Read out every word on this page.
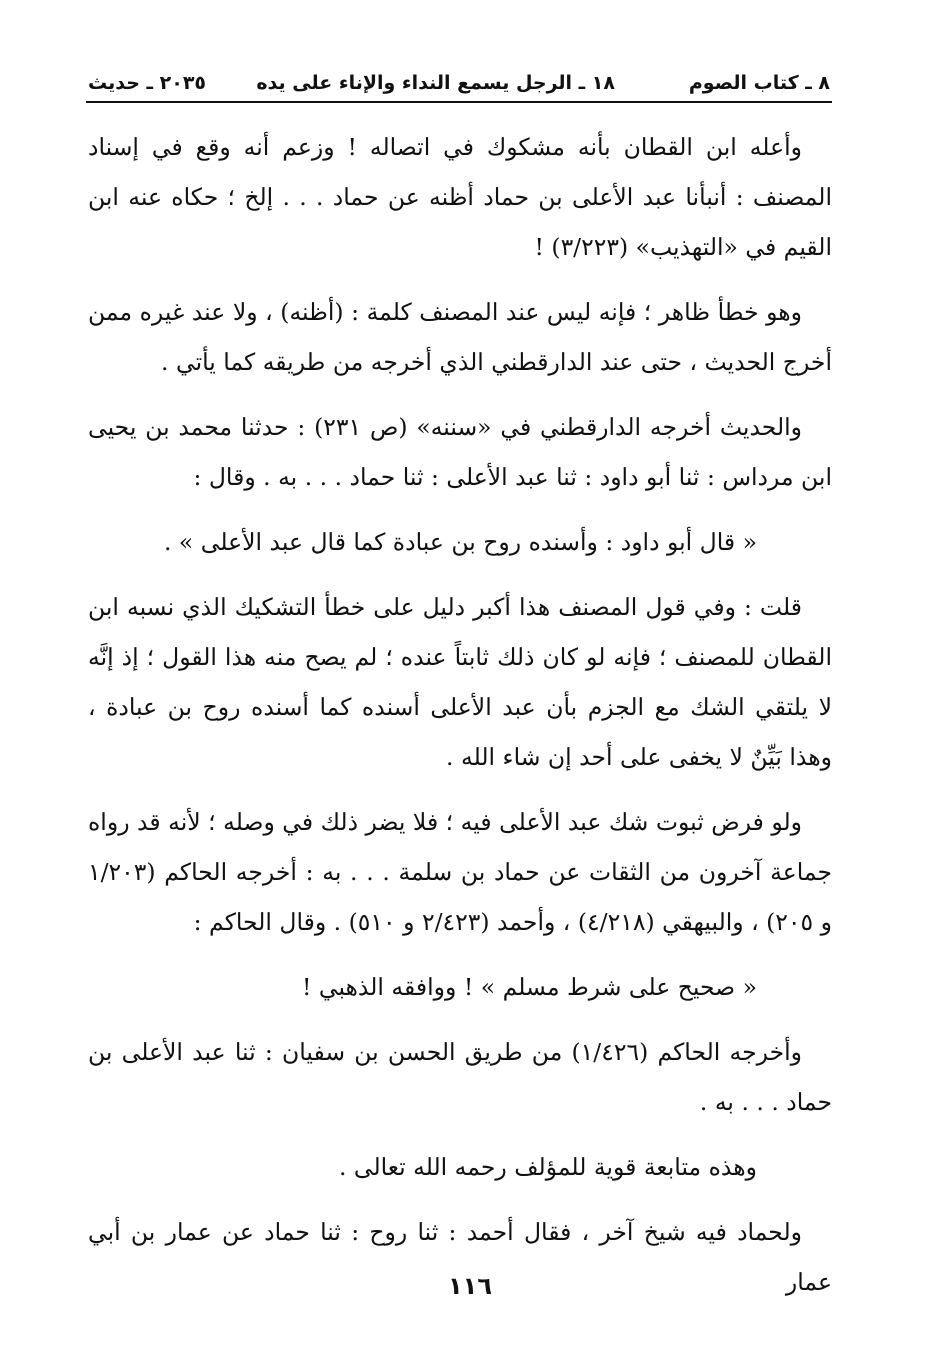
٨ ـ كتاب الصوم
١٨ ـ الرجل يسمع النداء والإناء على يده
٢٠٣٥ ـ حديث

وأعله ابن القطان بأنه مشكوك في اتصاله ! وزعم أنه وقع في إسناد المصنف : أنبأنا عبد الأعلى بن حماد أظنه عن حماد . . . إلخ ؛ حكاه عنه ابن القيم في «التهذيب» (٣/٢٢٣) !

وهو خطأ ظاهر ؛ فإنه ليس عند المصنف كلمة : (أظنه) ، ولا عند غيره ممن أخرج الحديث ، حتى عند الدارقطني الذي أخرجه من طريقه كما يأتي .

والحديث أخرجه الدارقطني في «سننه» (ص ٢٣١) : حدثنا محمد بن يحيى ابن مرداس : ثنا أبو داود : ثنا عبد الأعلى : ثنا حماد . . . به . وقال :

« قال أبو داود : وأسنده روح بن عبادة كما قال عبد الأعلى » .

قلت : وفي قول المصنف هذا أكبر دليل على خطأ التشكيك الذي نسبه ابن القطان للمصنف ؛ فإنه لو كان ذلك ثابتاً عنده ؛ لم يصح منه هذا القول ؛ إذ إنَّه لا يلتقي الشك مع الجزم بأن عبد الأعلى أسنده كما أسنده روح بن عبادة ، وهذا بَيِّنٌ لا يخفى على أحد إن شاء الله .

ولو فرض ثبوت شك عبد الأعلى فيه ؛ فلا يضر ذلك في وصله ؛ لأنه قد رواه جماعة آخرون من الثقات عن حماد بن سلمة . . . به : أخرجه الحاكم (١/٢٠٣ و ٢٠٥) ، والبيهقي (٤/٢١٨) ، وأحمد (٢/٤٢٣ و ٥١٠) . وقال الحاكم :

« صحيح على شرط مسلم » ! ووافقه الذهبي !

وأخرجه الحاكم (١/٤٢٦) من طريق الحسن بن سفيان : ثنا عبد الأعلى بن حماد . . . به .

وهذه متابعة قوية للمؤلف رحمه الله تعالى .

ولحماد فيه شيخ آخر ، فقال أحمد : ثنا روح : ثنا حماد عن عمار بن أبي عمار

١١٦
